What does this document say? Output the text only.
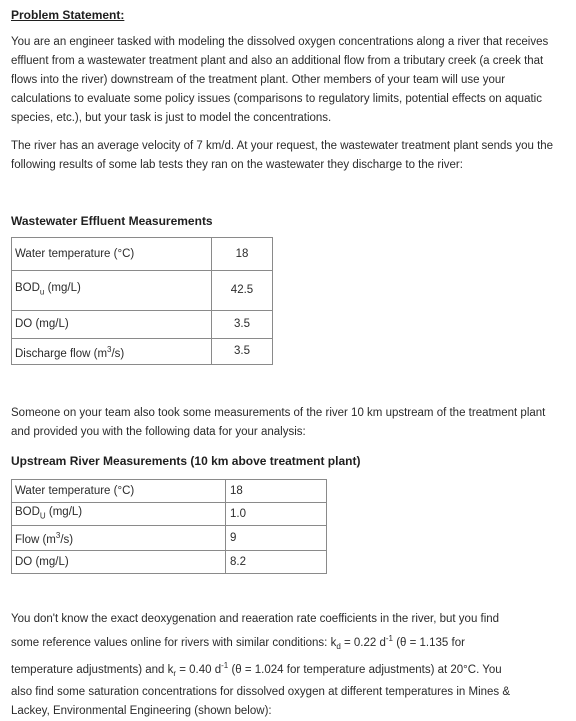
Problem Statement:
You are an engineer tasked with modeling the dissolved oxygen concentrations along a river that receives effluent from a wastewater treatment plant and also an additional flow from a tributary creek (a creek that flows into the river) downstream of the treatment plant. Other members of your team will use your calculations to evaluate some policy issues (comparisons to regulatory limits, potential effects on aquatic species, etc.), but your task is just to model the concentrations.
The river has an average velocity of 7 km/d. At your request, the wastewater treatment plant sends you the following results of some lab tests they ran on the wastewater they discharge to the river:
Wastewater Effluent Measurements
Water temperature (°C)	18
$BOD_u$ (mg/L)	42.5
DO (mg/L)	3.5
Discharge flow $(m^3/s)$	3.5
Someone on your team also took some measurements of the river 10 km upstream of the treatment plant and provided you with the following data for your analysis:
Upstream River Measurements (10 km above treatment plant)
Water temperature (°C)	18
$BOD_U$ (mg/L)	1.0
Flow $(m^3/s)$	9
DO (mg/L)	8.2
You don't know the exact deoxygenation and reaeration rate coefficients in the river, but you find
some reference values online for rivers with similar conditions: $k_d = 0.22$ $d^{-1}$ (θ = 1.135 for
temperature adjustments) and $k_r = 0.40$ $d^{-1}$ (θ = 1.024 for temperature adjustments) at 20°C. You
also find some saturation concentrations for dissolved oxygen at different temperatures in Mines &
Lackey, Environmental Engineering (shown below):
